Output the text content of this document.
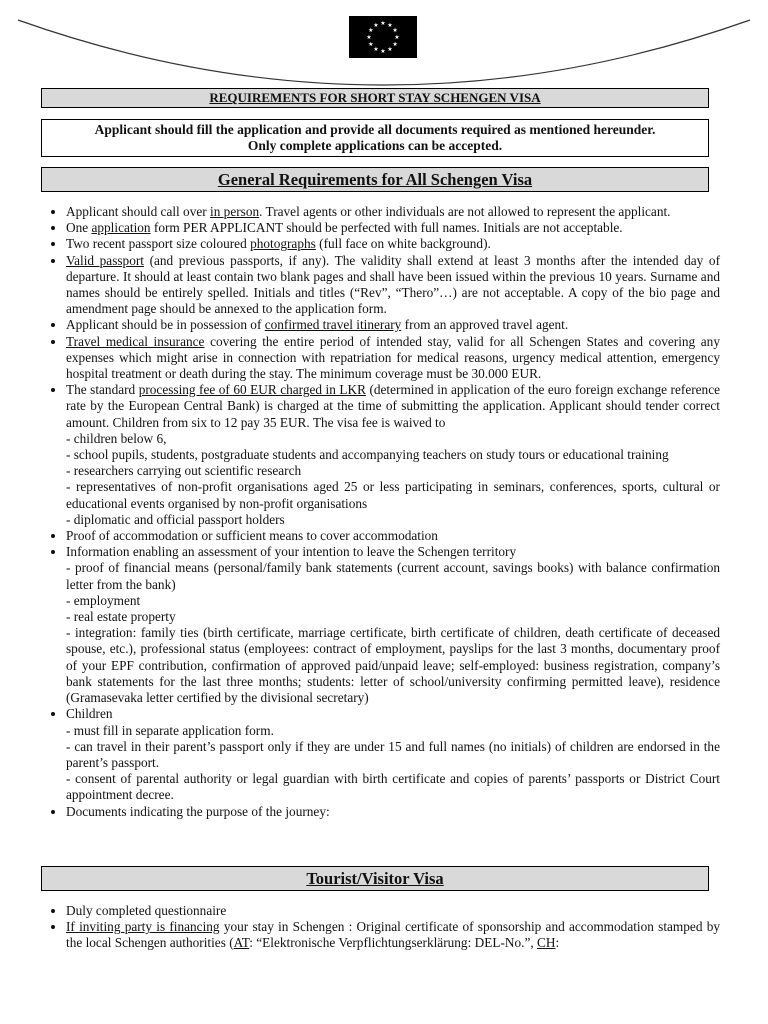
★ ★
★
★
★
★
★
★
★
★
★
★
REQUIREMENTS FOR SHORT STAY SCHENGEN VISA
Applicant should fill the application and provide all documents required as mentioned hereunder.
Only complete applications can be accepted.
General Requirements for All Schengen Visa
• Applicant should call over in person. Travel agents or other individuals are not allowed to represent the applicant.
• One application form PER APPLICANT should be perfected with full names. Initials are not acceptable.
• Two recent passport size coloured photographs (full face on white background).
• Valid passport (and previous passports, if any). The validity shall extend at least 3 months after the intended day of departure. It should at least contain two blank pages and shall have been issued within the previous 10 years. Surname and names should be entirely spelled. Initials and titles (“Rev”, “Thero”…) are not acceptable. A copy of the bio page and amendment page should be annexed to the application form.
• Applicant should be in possession of confirmed travel itinerary from an approved travel agent.
• Travel medical insurance covering the entire period of intended stay, valid for all Schengen States and covering any expenses which might arise in connection with repatriation for medical reasons, urgency medical attention, emergency hospital treatment or death during the stay. The minimum coverage must be 30.000 EUR.
• The standard processing fee of 60 EUR charged in LKR (determined in application of the euro foreign exchange reference rate by the European Central Bank) is charged at the time of submitting the application. Applicant should tender correct amount. Children from six to 12 pay 35 EUR. The visa fee is waived to
- children below 6,
- school pupils, students, postgraduate students and accompanying teachers on study tours or educational training
- researchers carrying out scientific research
- representatives of non-profit organisations aged 25 or less participating in seminars, conferences, sports, cultural or educational events organised by non-profit organisations
- diplomatic and official passport holders
• Proof of accommodation or sufficient means to cover accommodation
• Information enabling an assessment of your intention to leave the Schengen territory
- proof of financial means (personal/family bank statements (current account, savings books) with balance confirmation letter from the bank)
- employment
- real estate property
- integration: family ties (birth certificate, marriage certificate, birth certificate of children, death certificate of deceased spouse, etc.), professional status (employees: contract of employment, payslips for the last 3 months, documentary proof of your EPF contribution, confirmation of approved paid/unpaid leave; self-employed: business registration, company’s bank statements for the last three months; students: letter of school/university confirming permitted leave), residence (Gramasevaka letter certified by the divisional secretary)
• Children
- must fill in separate application form.
- can travel in their parent’s passport only if they are under 15 and full names (no initials) of children are endorsed in the parent’s passport.
- consent of parental authority or legal guardian with birth certificate and copies of parents’ passports or District Court appointment decree.
• Documents indicating the purpose of the journey:
Tourist/Visitor Visa
• Duly completed questionnaire
• If inviting party is financing your stay in Schengen : Original certificate of sponsorship and accommodation stamped by the local Schengen authorities (AT: “Elektronische Verpflichtungserklärung: DEL-No.”, CH:
